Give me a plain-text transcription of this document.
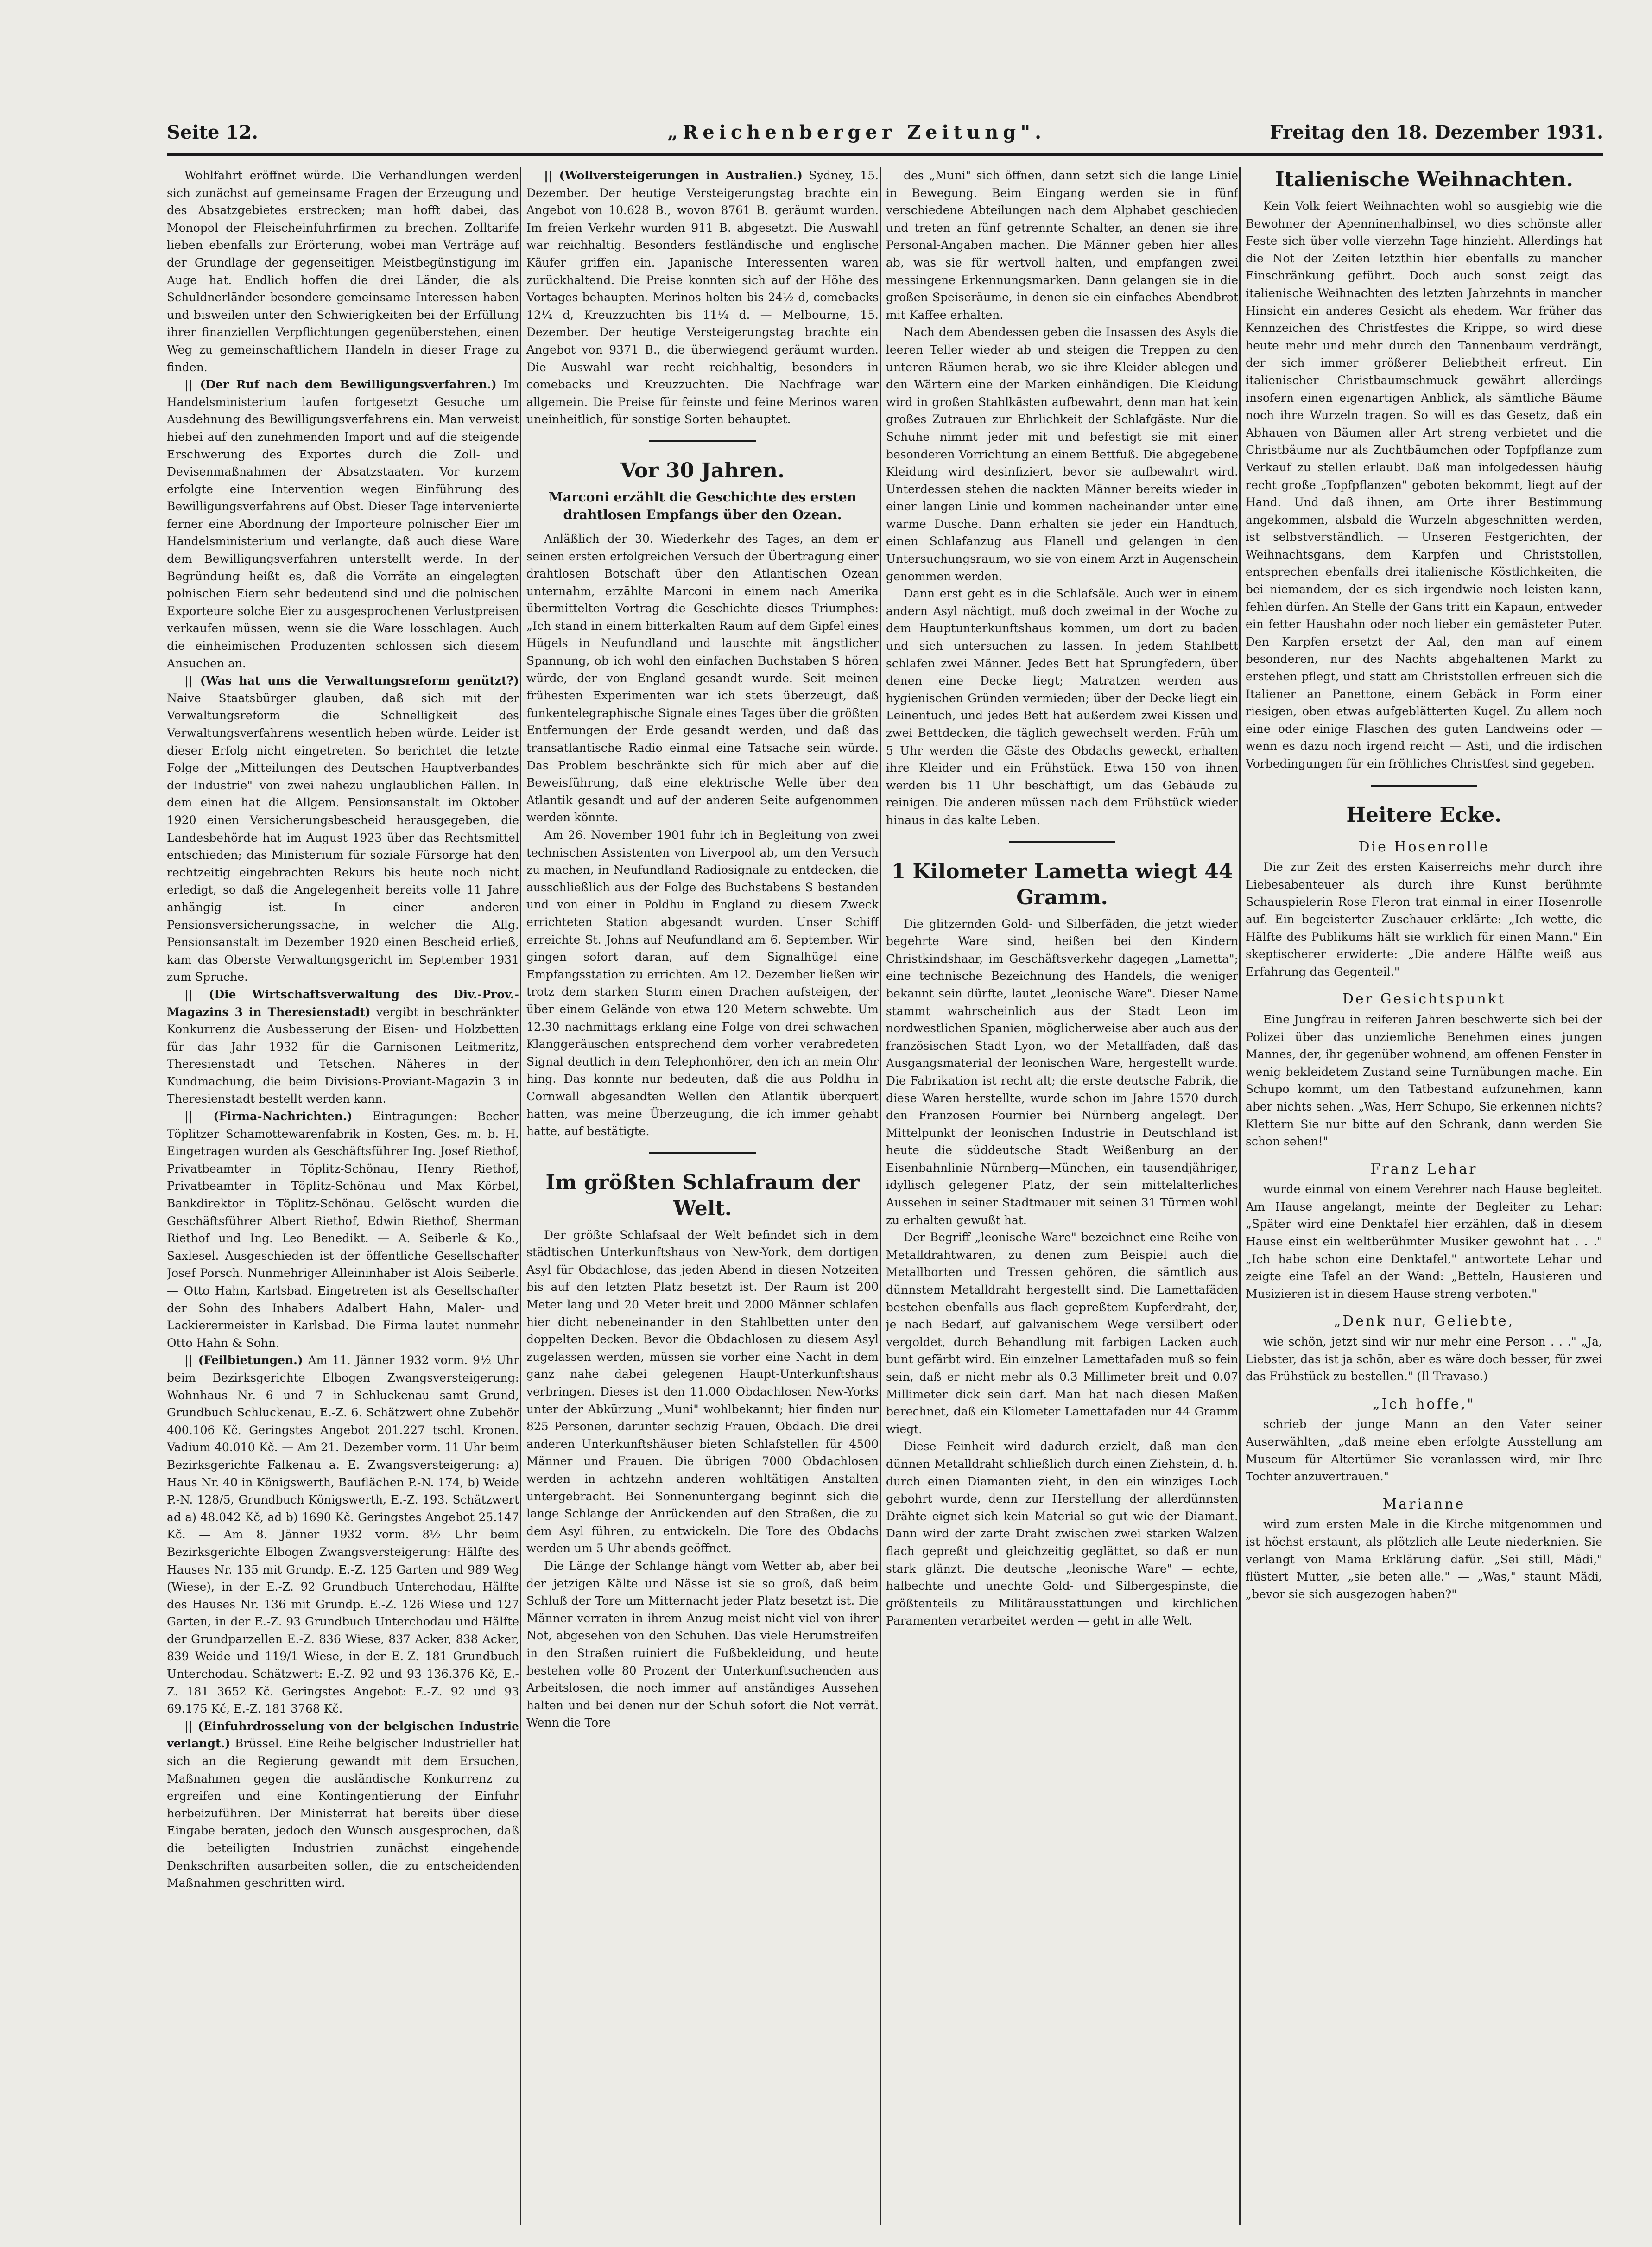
Seite 12.	„Reichenberger Zeitung".	Freitag den 18. Dezember 1931.

Wohlfahrt eröffnet würde. Die Verhandlungen werden sich zunächst auf gemeinsame Fragen der Erzeugung und des Absatzgebietes erstrecken; man hofft dabei, das Monopol der Fleischeinfuhrfirmen zu brechen. Zolltarife lieben ebenfalls zur Erörterung, wobei man Verträge auf der Grundlage der gegenseitigen Meistbegünstigung im Auge hat. Endlich hoffen die drei Länder, die als Schuldnerländer besondere gemeinsame Interessen haben und bisweilen unter den Schwierigkeiten bei der Erfüllung ihrer finanziellen Verpflichtungen gegenüberstehen, einen Weg zu gemeinschaftlichem Handeln in dieser Frage zu finden.

|| (Der Ruf nach dem Bewilligungsverfahren.) Im Handelsministerium laufen fortgesetzt Gesuche um Ausdehnung des Bewilligungsverfahrens ein. Man verweist hiebei auf den zunehmenden Import und auf die steigende Erschwerung des Exportes durch die Zoll- und Devisenmaßnahmen der Absatzstaaten. Vor kurzem erfolgte eine Intervention wegen Einführung des Bewilligungsverfahrens auf Obst. Dieser Tage intervenierte ferner eine Abordnung der Importeure polnischer Eier im Handelsministerium und verlangte, daß auch diese Ware dem Bewilligungsverfahren unterstellt werde. In der Begründung heißt es, daß die Vorräte an eingelegten polnischen Eiern sehr bedeutend sind und die polnischen Exporteure solche Eier zu ausgesprochenen Verlustpreisen verkaufen müssen, wenn sie die Ware losschlagen. Auch die einheimischen Produzenten schlossen sich diesem Ansuchen an.

|| (Was hat uns die Verwaltungsreform genützt?) Naive Staatsbürger glauben, daß sich mit der Verwaltungsreform die Schnelligkeit des Verwaltungsverfahrens wesentlich heben würde. Leider ist dieser Erfolg nicht eingetreten. So berichtet die letzte Folge der „Mitteilungen des Deutschen Hauptverbandes der Industrie" von zwei nahezu unglaublichen Fällen. In dem einen hat die Allgem. Pensionsanstalt im Oktober 1920 einen Versicherungsbescheid herausgegeben, die Landesbehörde hat im August 1923 über das Rechtsmittel entschieden; das Ministerium für soziale Fürsorge hat den rechtzeitig eingebrachten Rekurs bis heute noch nicht erledigt, so daß die Angelegenheit bereits volle 11 Jahre anhängig ist. In einer anderen Pensionsversicherungssache, in welcher die Allg. Pensionsanstalt im Dezember 1920 einen Bescheid erließ, kam das Oberste Verwaltungsgericht im September 1931 zum Spruche.

|| (Die Wirtschaftsverwaltung des Div.-Prov.-Magazins 3 in Theresienstadt) vergibt in beschränkter Konkurrenz die Ausbesserung der Eisen- und Holzbetten für das Jahr 1932 für die Garnisonen Leitmeritz, Theresienstadt und Tetschen. Näheres in der Kundmachung, die beim Divisions-Proviant-Magazin 3 in Theresienstadt bestellt werden kann.

|| (Firma-Nachrichten.) Eintragungen: Becher Töplitzer Schamottewarenfabrik in Kosten, Ges. m. b. H. Eingetragen wurden als Geschäftsführer Ing. Josef Riethof, Privatbeamter in Töplitz-Schönau, Henry Riethof, Privatbeamter in Töplitz-Schönau und Max Körbel, Bankdirektor in Töplitz-Schönau. Gelöscht wurden die Geschäftsführer Albert Riethof, Edwin Riethof, Sherman Riethof und Ing. Leo Benedikt. — A. Seiberle & Ko., Saxlesel. Ausgeschieden ist der öffentliche Gesellschafter Josef Porsch. Nunmehriger Alleininhaber ist Alois Seiberle. — Otto Hahn, Karlsbad. Eingetreten ist als Gesellschafter der Sohn des Inhabers Adalbert Hahn, Maler- und Lackierermeister in Karlsbad. Die Firma lautet nunmehr Otto Hahn & Sohn.

|| (Feilbietungen.) Am 11. Jänner 1932 vorm. 9½ Uhr beim Bezirksgerichte Elbogen Zwangsversteigerung: Wohnhaus Nr. 6 und 7 in Schluckenau samt Grund, Grundbuch Schluckenau, E.-Z. 6. Schätzwert ohne Zubehör 400.106 Kč. Geringstes Angebot 201.227 tschl. Kronen. Vadium 40.010 Kč. — Am 21. Dezember vorm. 11 Uhr beim Bezirksgerichte Falkenau a. E. Zwangsversteigerung: a) Haus Nr. 40 in Königswerth, Bauflächen P.-N. 174, b) Weide P.-N. 128/5, Grundbuch Königswerth, E.-Z. 193. Schätzwert ad a) 48.042 Kč, ad b) 1690 Kč. Geringstes Angebot 25.147 Kč. — Am 8. Jänner 1932 vorm. 8½ Uhr beim Bezirksgerichte Elbogen Zwangsversteigerung: Hälfte des Hauses Nr. 135 mit Grundp. E.-Z. 125 Garten und 989 Weg (Wiese), in der E.-Z. 92 Grundbuch Unterchodau, Hälfte des Hauses Nr. 136 mit Grundp. E.-Z. 126 Wiese und 127 Garten, in der E.-Z. 93 Grundbuch Unterchodau und Hälfte der Grundparzellen E.-Z. 836 Wiese, 837 Acker, 838 Acker, 839 Weide und 119/1 Wiese, in der E.-Z. 181 Grundbuch Unterchodau. Schätzwert: E.-Z. 92 und 93 136.376 Kč, E.-Z. 181 3652 Kč. Geringstes Angebot: E.-Z. 92 und 93 69.175 Kč, E.-Z. 181 3768 Kč.

|| (Einfuhrdrosselung von der belgischen Industrie verlangt.) Brüssel. Eine Reihe belgischer Industrieller hat sich an die Regierung gewandt mit dem Ersuchen, Maßnahmen gegen die ausländische Konkurrenz zu ergreifen und eine Kontingentierung der Einfuhr herbeizuführen. Der Ministerrat hat bereits über diese Eingabe beraten, jedoch den Wunsch ausgesprochen, daß die beteiligten Industrien zunächst eingehende Denkschriften ausarbeiten sollen, die zu entscheidenden Maßnahmen geschritten wird.

|| (Wollversteigerungen in Australien.) Sydney, 15. Dezember. Der heutige Versteigerungstag brachte ein Angebot von 10.628 B., wovon 8761 B. geräumt wurden. Im freien Verkehr wurden 911 B. abgesetzt. Die Auswahl war reichhaltig. Besonders festländische und englische Käufer griffen ein. Japanische Interessenten waren zurückhaltend. Die Preise konnten sich auf der Höhe des Vortages behaupten. Merinos holten bis 24½ d, comebacks 12¼ d, Kreuzzuchten bis 11¼ d. — Melbourne, 15. Dezember. Der heutige Versteigerungstag brachte ein Angebot von 9371 B., die überwiegend geräumt wurden. Die Auswahl war recht reichhaltig, besonders in comebacks und Kreuzzuchten. Die Nachfrage war allgemein. Die Preise für feinste und feine Merinos waren uneinheitlich, für sonstige Sorten behauptet.

Vor 30 Jahren.
Marconi erzählt die Geschichte des ersten drahtlosen Empfangs über den Ozean.

Anläßlich der 30. Wiederkehr des Tages, an dem er seinen ersten erfolgreichen Versuch der Übertragung einer drahtlosen Botschaft über den Atlantischen Ozean unternahm, erzählte Marconi in einem nach Amerika übermittelten Vortrag die Geschichte dieses Triumphes: „Ich stand in einem bitterkalten Raum auf dem Gipfel eines Hügels in Neufundland und lauschte mit ängstlicher Spannung, ob ich wohl den einfachen Buchstaben S hören würde, der von England gesandt wurde. Seit meinen frühesten Experimenten war ich stets überzeugt, daß funkentelegraphische Signale eines Tages über die größten Entfernungen der Erde gesandt werden, und daß das transatlantische Radio einmal eine Tatsache sein würde. Das Problem beschränkte sich für mich aber auf die Beweisführung, daß eine elektrische Welle über den Atlantik gesandt und auf der anderen Seite aufgenommen werden könnte.

Am 26. November 1901 fuhr ich in Begleitung von zwei technischen Assistenten von Liverpool ab, um den Versuch zu machen, in Neufundland Radiosignale zu entdecken, die ausschließlich aus der Folge des Buchstabens S bestanden und von einer in Poldhu in England zu diesem Zweck errichteten Station abgesandt wurden. Unser Schiff erreichte St. Johns auf Neufundland am 6. September. Wir gingen sofort daran, auf dem Signalhügel eine Empfangsstation zu errichten. Am 12. Dezember ließen wir trotz dem starken Sturm einen Drachen aufsteigen, der über einem Gelände von etwa 120 Metern schwebte. Um 12.30 nachmittags erklang eine Folge von drei schwachen Klanggeräuschen entsprechend dem vorher verabredeten Signal deutlich in dem Telephonhörer, den ich an mein Ohr hing. Das konnte nur bedeuten, daß die aus Poldhu in Cornwall abgesandten Wellen den Atlantik überquert hatten, was meine Überzeugung, die ich immer gehabt hatte, auf bestätigte.

Im größten Schlafraum der Welt.

Der größte Schlafsaal der Welt befindet sich in dem städtischen Unterkunftshaus von New-York, dem dortigen Asyl für Obdachlose, das jeden Abend in diesen Notzeiten bis auf den letzten Platz besetzt ist. Der Raum ist 200 Meter lang und 20 Meter breit und 2000 Männer schlafen hier dicht nebeneinander in den Stahlbetten unter den doppelten Decken. Bevor die Obdachlosen zu diesem Asyl zugelassen werden, müssen sie vorher eine Nacht in dem ganz nahe dabei gelegenen Haupt-Unterkunftshaus verbringen. Dieses ist den 11.000 Obdachlosen New-Yorks unter der Abkürzung „Muni" wohlbekannt; hier finden nur 825 Personen, darunter sechzig Frauen, Obdach. Die drei anderen Unterkunftshäuser bieten Schlafstellen für 4500 Männer und Frauen. Die übrigen 7000 Obdachlosen werden in achtzehn anderen wohltätigen Anstalten untergebracht. Bei Sonnenuntergang beginnt sich die lange Schlange der Anrückenden auf den Straßen, die zu dem Asyl führen, zu entwickeln. Die Tore des Obdachs werden um 5 Uhr abends geöffnet.

Die Länge der Schlange hängt vom Wetter ab, aber bei der jetzigen Kälte und Nässe ist sie so groß, daß beim Schluß der Tore um Mitternacht jeder Platz besetzt ist. Die Männer verraten in ihrem Anzug meist nicht viel von ihrer Not, abgesehen von den Schuhen. Das viele Herumstreifen in den Straßen ruiniert die Fußbekleidung, und heute bestehen volle 80 Prozent der Unterkunftsuchenden aus Arbeitslosen, die noch immer auf anständiges Aussehen halten und bei denen nur der Schuh sofort die Not verrät. Wenn die Tore

des „Muni" sich öffnen, dann setzt sich die lange Linie in Bewegung. Beim Eingang werden sie in fünf verschiedene Abteilungen nach dem Alphabet geschieden und treten an fünf getrennte Schalter, an denen sie ihre Personal-Angaben machen. Die Männer geben hier alles ab, was sie für wertvoll halten, und empfangen zwei messingene Erkennungsmarken. Dann gelangen sie in die großen Speiseräume, in denen sie ein einfaches Abendbrot mit Kaffee erhalten.

Nach dem Abendessen geben die Insassen des Asyls die leeren Teller wieder ab und steigen die Treppen zu den unteren Räumen herab, wo sie ihre Kleider ablegen und den Wärtern eine der Marken einhändigen. Die Kleidung wird in großen Stahlkästen aufbewahrt, denn man hat kein großes Zutrauen zur Ehrlichkeit der Schlafgäste. Nur die Schuhe nimmt jeder mit und befestigt sie mit einer besonderen Vorrichtung an einem Bettfuß. Die abgegebene Kleidung wird desinfiziert, bevor sie aufbewahrt wird. Unterdessen stehen die nackten Männer bereits wieder in einer langen Linie und kommen nacheinander unter eine warme Dusche. Dann erhalten sie jeder ein Handtuch, einen Schlafanzug aus Flanell und gelangen in den Untersuchungsraum, wo sie von einem Arzt in Augenschein genommen werden.

Dann erst geht es in die Schlafsäle. Auch wer in einem andern Asyl nächtigt, muß doch zweimal in der Woche zu dem Hauptunterkunftshaus kommen, um dort zu baden und sich untersuchen zu lassen. In jedem Stahlbett schlafen zwei Männer. Jedes Bett hat Sprungfedern, über denen eine Decke liegt; Matratzen werden aus hygienischen Gründen vermieden; über der Decke liegt ein Leinentuch, und jedes Bett hat außerdem zwei Kissen und zwei Bettdecken, die täglich gewechselt werden. Früh um 5 Uhr werden die Gäste des Obdachs geweckt, erhalten ihre Kleider und ein Frühstück. Etwa 150 von ihnen werden bis 11 Uhr beschäftigt, um das Gebäude zu reinigen. Die anderen müssen nach dem Frühstück wieder hinaus in das kalte Leben.

1 Kilometer Lametta wiegt 44 Gramm.

Die glitzernden Gold- und Silberfäden, die jetzt wieder begehrte Ware sind, heißen bei den Kindern Christkindshaar, im Geschäftsverkehr dagegen „Lametta"; eine technische Bezeichnung des Handels, die weniger bekannt sein dürfte, lautet „leonische Ware". Dieser Name stammt wahrscheinlich aus der Stadt Leon im nordwestlichen Spanien, möglicherweise aber auch aus der französischen Stadt Lyon, wo der Metallfaden, daß das Ausgangsmaterial der leonischen Ware, hergestellt wurde. Die Fabrikation ist recht alt; die erste deutsche Fabrik, die diese Waren herstellte, wurde schon im Jahre 1570 durch den Franzosen Fournier bei Nürnberg angelegt. Der Mittelpunkt der leonischen Industrie in Deutschland ist heute die süddeutsche Stadt Weißenburg an der Eisenbahnlinie Nürnberg—München, ein tausendjähriger, idyllisch gelegener Platz, der sein mittelalterliches Aussehen in seiner Stadtmauer mit seinen 31 Türmen wohl zu erhalten gewußt hat.

Der Begriff „leonische Ware" bezeichnet eine Reihe von Metalldrahtwaren, zu denen zum Beispiel auch die Metallborten und Tressen gehören, die sämtlich aus dünnstem Metalldraht hergestellt sind. Die Lamettafäden bestehen ebenfalls aus flach gepreßtem Kupferdraht, der, je nach Bedarf, auf galvanischem Wege versilbert oder vergoldet, durch Behandlung mit farbigen Lacken auch bunt gefärbt wird. Ein einzelner Lamettafaden muß so fein sein, daß er nicht mehr als 0.3 Millimeter breit und 0.07 Millimeter dick sein darf. Man hat nach diesen Maßen berechnet, daß ein Kilometer Lamettafaden nur 44 Gramm wiegt.

Diese Feinheit wird dadurch erzielt, daß man den dünnen Metalldraht schließlich durch einen Ziehstein, d. h. durch einen Diamanten zieht, in den ein winziges Loch gebohrt wurde, denn zur Herstellung der allerdünnsten Drähte eignet sich kein Material so gut wie der Diamant. Dann wird der zarte Draht zwischen zwei starken Walzen flach gepreßt und gleichzeitig geglättet, so daß er nun stark glänzt. Die deutsche „leonische Ware" — echte, halbechte und unechte Gold- und Silbergespinste, die größtenteils zu Militärausstattungen und kirchlichen Paramenten verarbeitet werden — geht in alle Welt.

Italienische Weihnachten.

Kein Volk feiert Weihnachten wohl so ausgiebig wie die Bewohner der Apenninenhalbinsel, wo dies schönste aller Feste sich über volle vierzehn Tage hinzieht. Allerdings hat die Not der Zeiten letzthin hier ebenfalls zu mancher Einschränkung geführt. Doch auch sonst zeigt das italienische Weihnachten des letzten Jahrzehnts in mancher Hinsicht ein anderes Gesicht als ehedem. War früher das Kennzeichen des Christfestes die Krippe, so wird diese heute mehr und mehr durch den Tannenbaum verdrängt, der sich immer größerer Beliebtheit erfreut. Ein italienischer Christbaumschmuck gewährt allerdings insofern einen eigenartigen Anblick, als sämtliche Bäume noch ihre Wurzeln tragen. So will es das Gesetz, daß ein Abhauen von Bäumen aller Art streng verbietet und die Christbäume nur als Zuchtbäumchen oder Topfpflanze zum Verkauf zu stellen erlaubt. Daß man infolgedessen häufig recht große „Topfpflanzen" geboten bekommt, liegt auf der Hand. Und daß ihnen, am Orte ihrer Bestimmung angekommen, alsbald die Wurzeln abgeschnitten werden, ist selbstverständlich. — Unseren Festgerichten, der Weihnachtsgans, dem Karpfen und Christstollen, entsprechen ebenfalls drei italienische Köstlichkeiten, die bei niemandem, der es sich irgendwie noch leisten kann, fehlen dürfen. An Stelle der Gans tritt ein Kapaun, entweder ein fetter Haushahn oder noch lieber ein gemästeter Puter. Den Karpfen ersetzt der Aal, den man auf einem besonderen, nur des Nachts abgehaltenen Markt zu erstehen pflegt, und statt am Christstollen erfreuen sich die Italiener an Panettone, einem Gebäck in Form einer riesigen, oben etwas aufgeblätterten Kugel. Zu allem noch eine oder einige Flaschen des guten Landweins oder — wenn es dazu noch irgend reicht — Asti, und die irdischen Vorbedingungen für ein fröhliches Christfest sind gegeben.

Heitere Ecke.
Die Hosenrolle

Die zur Zeit des ersten Kaiserreichs mehr durch ihre Liebesabenteuer als durch ihre Kunst berühmte Schauspielerin Rose Fleron trat einmal in einer Hosenrolle auf. Ein begeisterter Zuschauer erklärte: „Ich wette, die Hälfte des Publikums hält sie wirklich für einen Mann." Ein skeptischerer erwiderte: „Die andere Hälfte weiß aus Erfahrung das Gegenteil."

Der Gesichtspunkt

Eine Jungfrau in reiferen Jahren beschwerte sich bei der Polizei über das unziemliche Benehmen eines jungen Mannes, der, ihr gegenüber wohnend, am offenen Fenster in wenig bekleidetem Zustand seine Turnübungen mache. Ein Schupo kommt, um den Tatbestand aufzunehmen, kann aber nichts sehen. „Was, Herr Schupo, Sie erkennen nichts? Klettern Sie nur bitte auf den Schrank, dann werden Sie schon sehen!"

Franz Lehar

wurde einmal von einem Verehrer nach Hause begleitet. Am Hause angelangt, meinte der Begleiter zu Lehar: „Später wird eine Denktafel hier erzählen, daß in diesem Hause einst ein weltberühmter Musiker gewohnt hat . . ." „Ich habe schon eine Denktafel," antwortete Lehar und zeigte eine Tafel an der Wand: „Betteln, Hausieren und Musizieren ist in diesem Hause streng verboten."

„Denk nur, Geliebte,

wie schön, jetzt sind wir nur mehr eine Person . . ." „Ja, Liebster, das ist ja schön, aber es wäre doch besser, für zwei das Frühstück zu bestellen." (Il Travaso.)

„Ich hoffe,"

schrieb der junge Mann an den Vater seiner Auserwählten, „daß meine eben erfolgte Ausstellung am Museum für Altertümer Sie veranlassen wird, mir Ihre Tochter anzuvertrauen."

Marianne

wird zum ersten Male in die Kirche mitgenommen und ist höchst erstaunt, als plötzlich alle Leute niederknien. Sie verlangt von Mama Erklärung dafür. „Sei still, Mädi," flüstert Mutter, „sie beten alle." — „Was," staunt Mädi, „bevor sie sich ausgezogen haben?"
